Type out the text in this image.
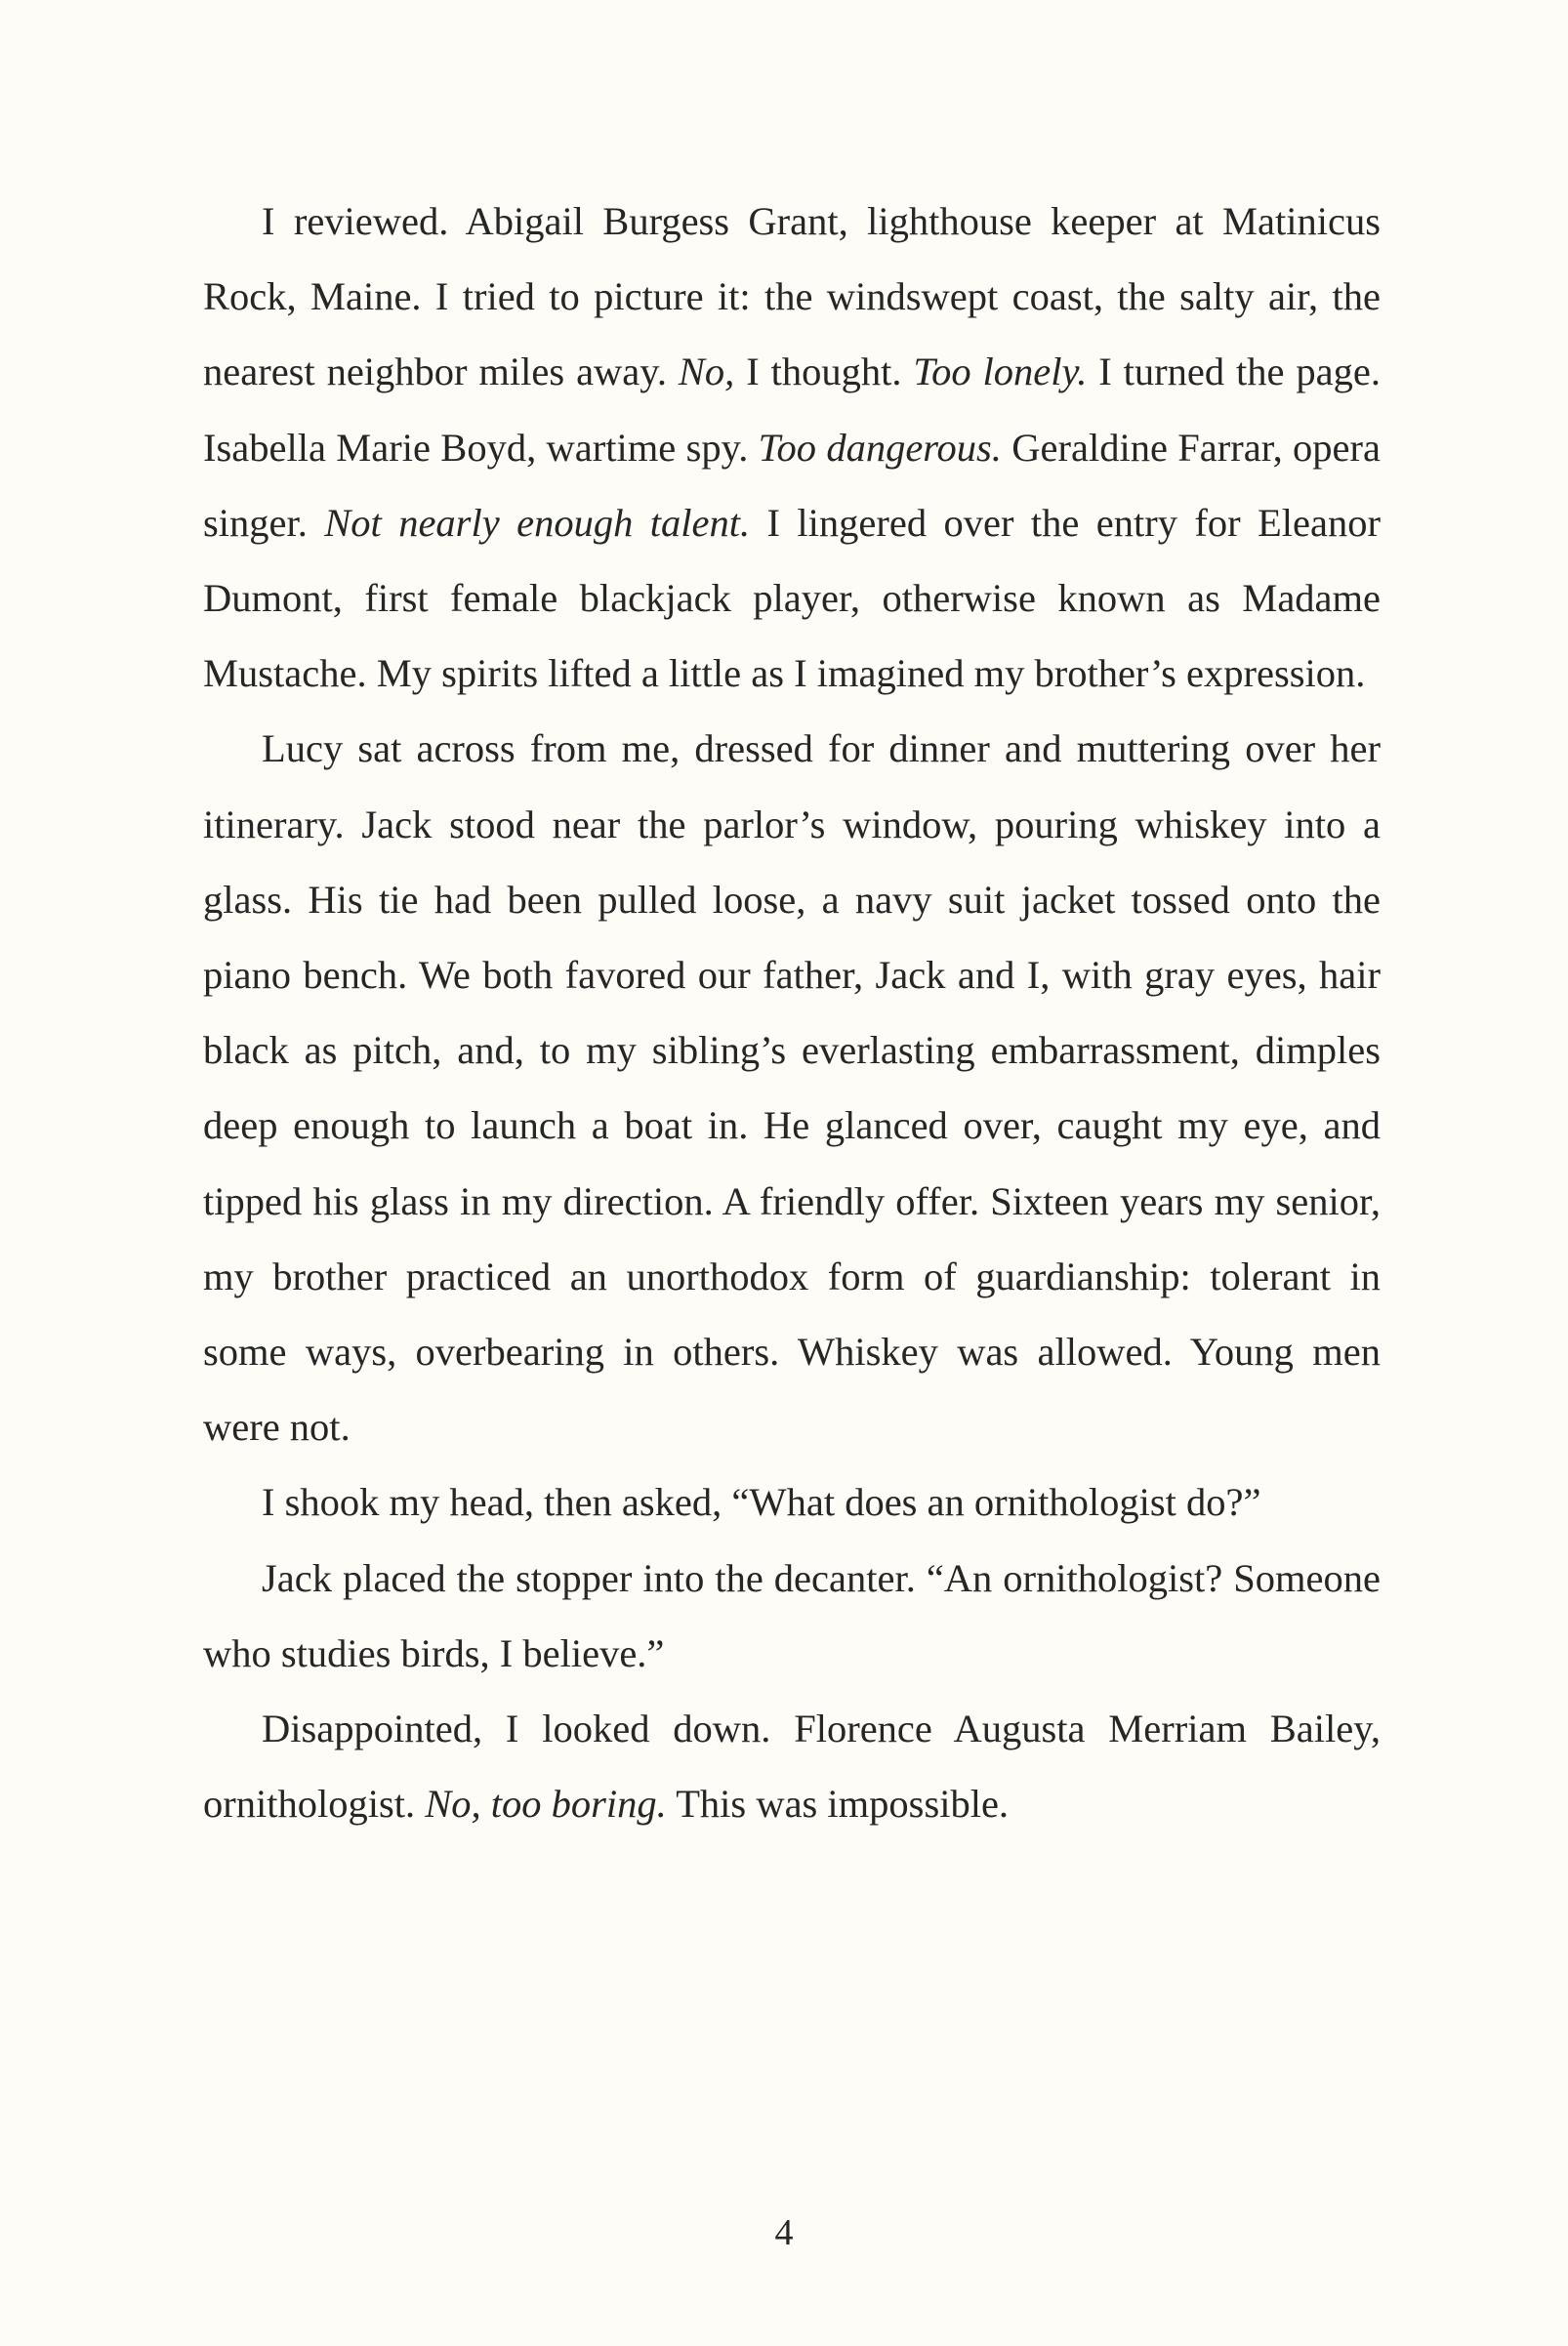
I reviewed. Abigail Burgess Grant, lighthouse keeper at Matinicus Rock, Maine. I tried to picture it: the windswept coast, the salty air, the nearest neighbor miles away. No, I thought. Too lonely. I turned the page. Isabella Marie Boyd, wartime spy. Too dangerous. Geraldine Farrar, opera singer. Not nearly enough talent. I lingered over the entry for Eleanor Dumont, first female blackjack player, otherwise known as Madame Mustache. My spirits lifted a little as I imagined my brother’s expression.

Lucy sat across from me, dressed for dinner and muttering over her itinerary. Jack stood near the parlor’s window, pouring whiskey into a glass. His tie had been pulled loose, a navy suit jacket tossed onto the piano bench. We both favored our father, Jack and I, with gray eyes, hair black as pitch, and, to my sibling’s everlasting embarrassment, dimples deep enough to launch a boat in. He glanced over, caught my eye, and tipped his glass in my direction. A friendly offer. Sixteen years my senior, my brother practiced an unorthodox form of guardianship: tolerant in some ways, overbearing in others. Whiskey was allowed. Young men were not.

I shook my head, then asked, “What does an ornithologist do?”

Jack placed the stopper into the decanter. “An ornithologist? Someone who studies birds, I believe.”

Disappointed, I looked down. Florence Augusta Merriam Bailey, ornithologist. No, too boring. This was impossible.

4
